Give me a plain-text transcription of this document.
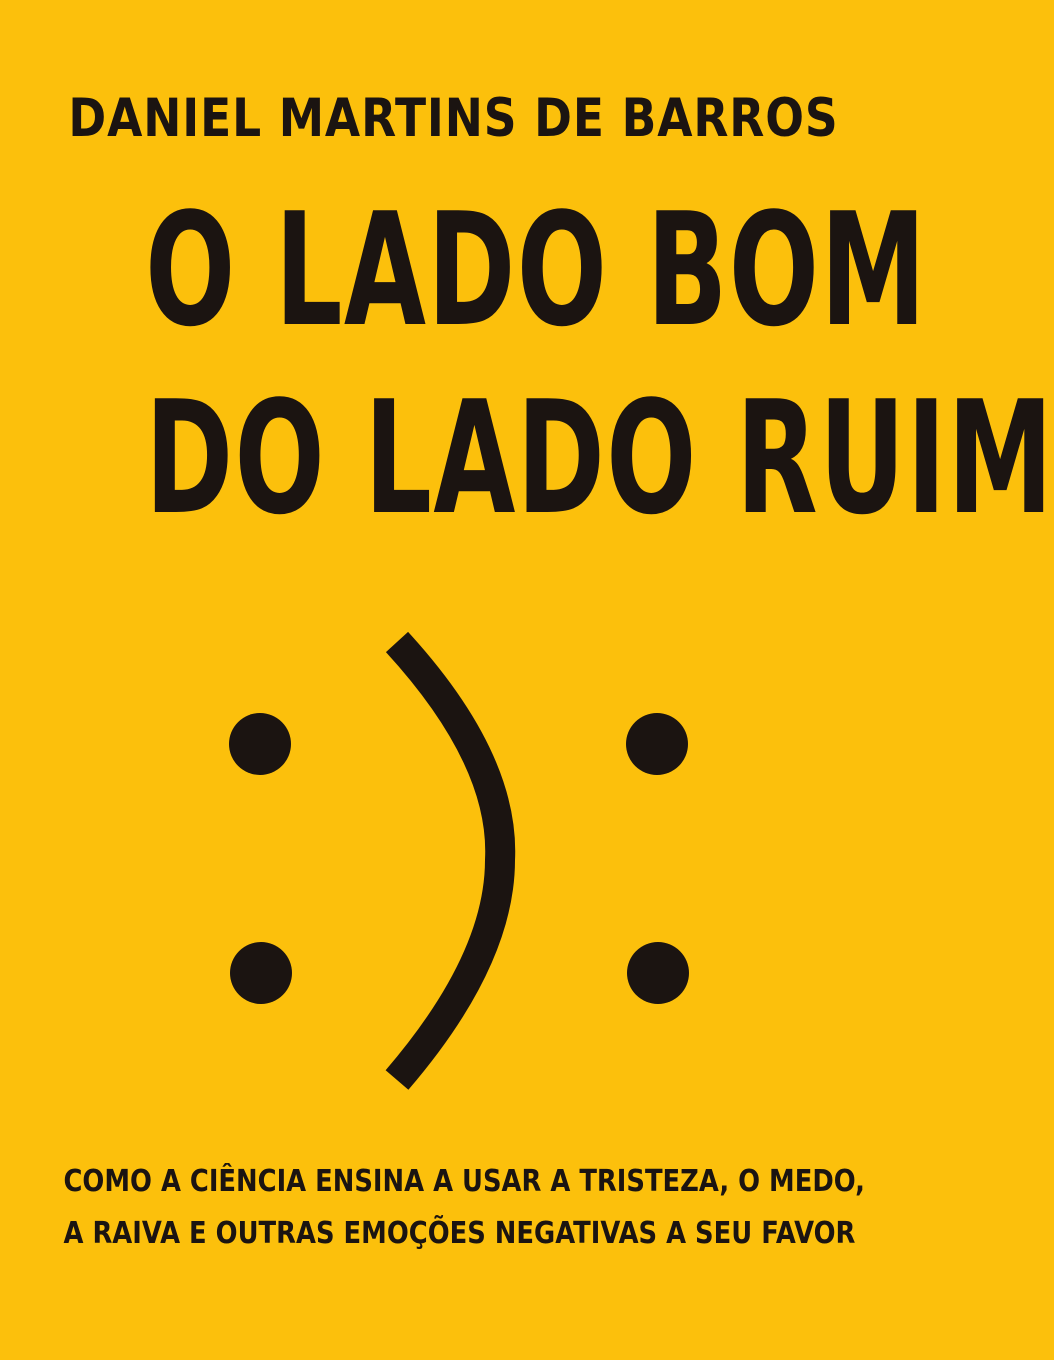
DANIEL MARTINS DE BARROS
O LADO BOM
DO LADO RUIM
COMO A CIÊNCIA ENSINA A USAR A TRISTEZA, O MEDO,
A RAIVA E OUTRAS EMOÇÕES NEGATIVAS A SEU FAVOR
